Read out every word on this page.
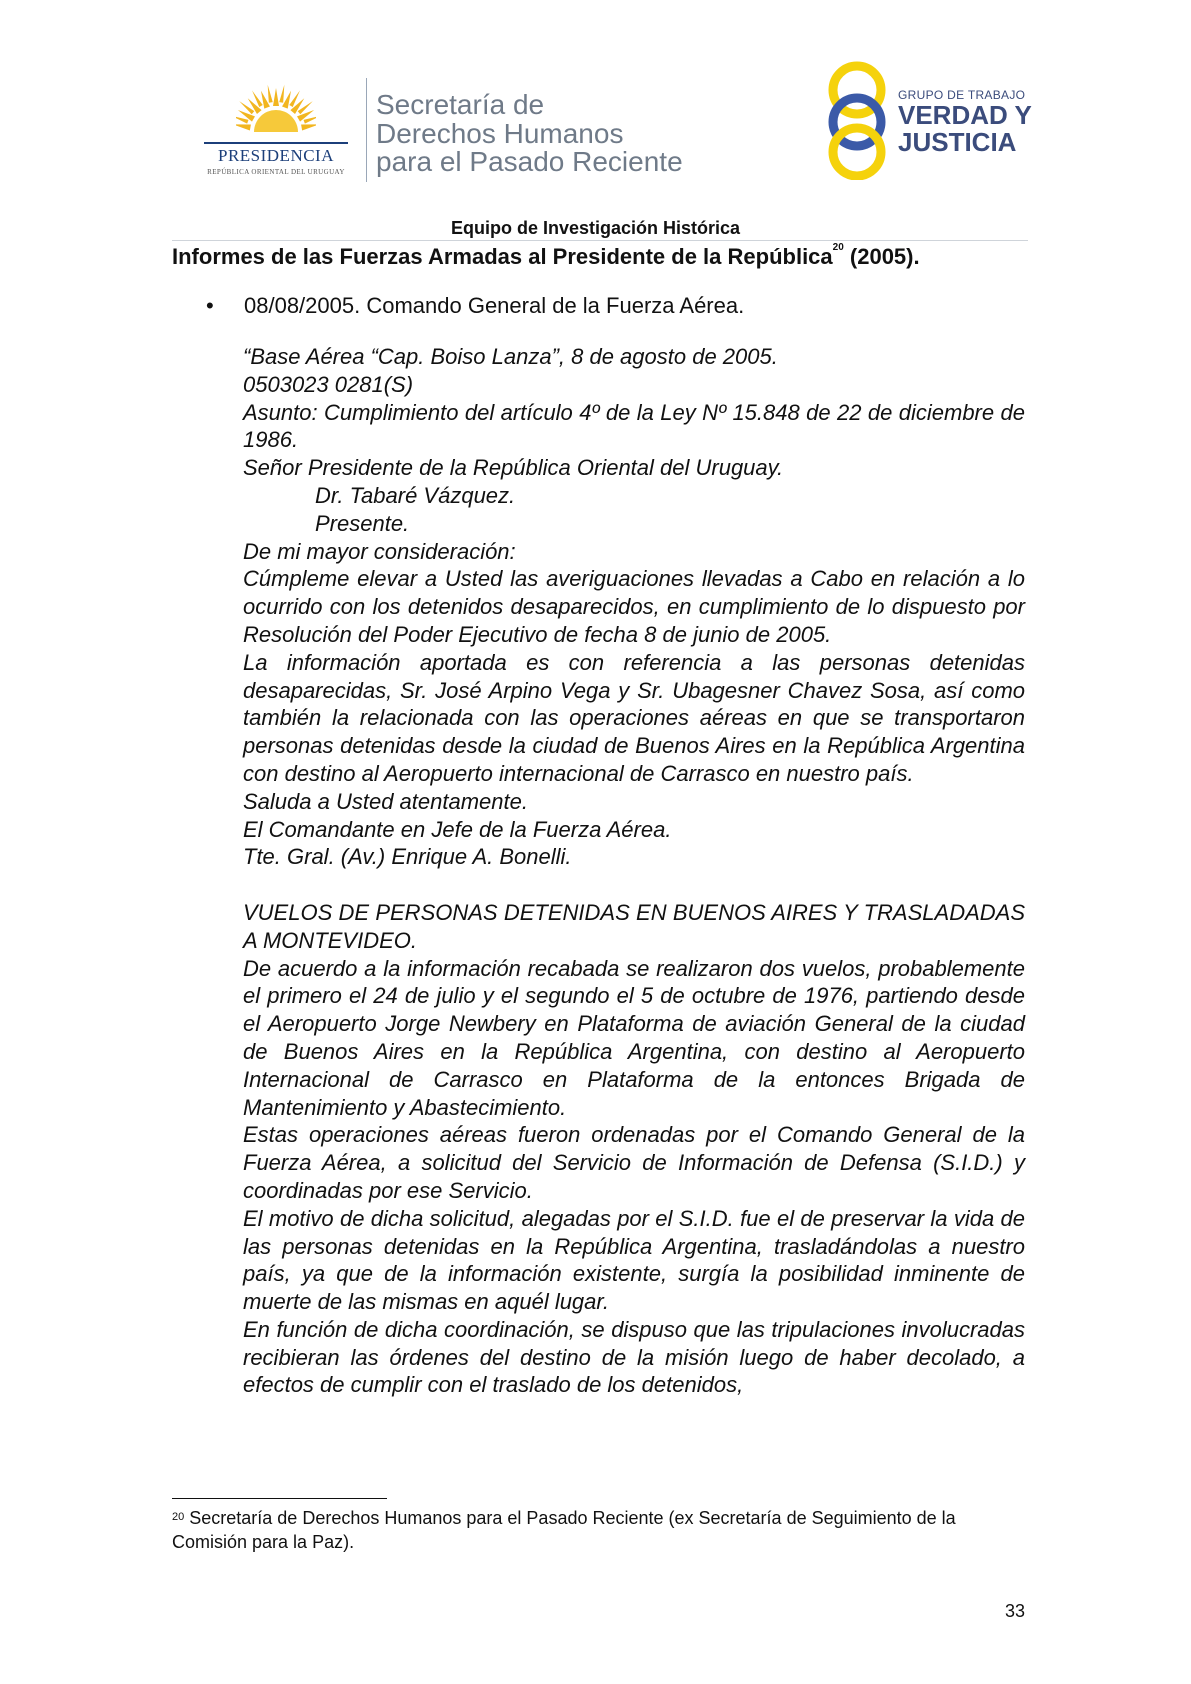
PRESIDENCIA
REPÚBLICA ORIENTAL DEL URUGUAY
Secretaría de
Derechos Humanos
para el Pasado Reciente
GRUPO DE TRABAJO
VERDAD Y
JUSTICIA
Equipo de Investigación Histórica
Informes de las Fuerzas Armadas al Presidente de la República$^{20}$ (2005).
• 08/08/2005. Comando General de la Fuerza Aérea.

“Base Aérea “Cap. Boiso Lanza”, 8 de agosto de 2005.

0503023 0281(S)

Asunto: Cumplimiento del artículo 4º de la Ley Nº 15.848 de 22 de diciembre de 1986.

Señor Presidente de la República Oriental del Uruguay.

Dr. Tabaré Vázquez.

Presente.

De mi mayor consideración:

Cúmpleme elevar a Usted las averiguaciones llevadas a Cabo en relación a lo ocurrido con los detenidos desaparecidos, en cumplimiento de lo dispuesto por Resolución del Poder Ejecutivo de fecha 8 de junio de 2005.

La información aportada es con referencia a las personas detenidas desaparecidas, Sr. José Arpino Vega y Sr. Ubagesner Chavez Sosa, así como también la relacionada con las operaciones aéreas en que se transportaron personas detenidas desde la ciudad de Buenos Aires en la República Argentina con destino al Aeropuerto internacional de Carrasco en nuestro país.

Saluda a Usted atentamente.

El Comandante en Jefe de la Fuerza Aérea.

Tte. Gral. (Av.) Enrique A. Bonelli.

VUELOS DE PERSONAS DETENIDAS EN BUENOS AIRES Y TRASLADADAS A MONTEVIDEO.

De acuerdo a la información recabada se realizaron dos vuelos, probablemente el primero el 24 de julio y el segundo el 5 de octubre de 1976, partiendo desde el Aeropuerto Jorge Newbery en Plataforma de aviación General de la ciudad de Buenos Aires en la República Argentina, con destino al Aeropuerto Internacional de Carrasco en Plataforma de la entonces Brigada de Mantenimiento y Abastecimiento.

Estas operaciones aéreas fueron ordenadas por el Comando General de la Fuerza Aérea, a solicitud del Servicio de Información de Defensa (S.I.D.) y coordinadas por ese Servicio.

El motivo de dicha solicitud, alegadas por el S.I.D. fue el de preservar la vida de las personas detenidas en la República Argentina, trasladándolas a nuestro país, ya que de la información existente, surgía la posibilidad inminente de muerte de las mismas en aquél lugar.

En función de dicha coordinación, se dispuso que las tripulaciones involucradas recibieran las órdenes del destino de la misión luego de haber decolado, a efectos de cumplir con el traslado de los detenidos,

$^{20}$ Secretaría de Derechos Humanos para el Pasado Reciente (ex Secretaría de Seguimiento de la Comisión para la Paz).
33
